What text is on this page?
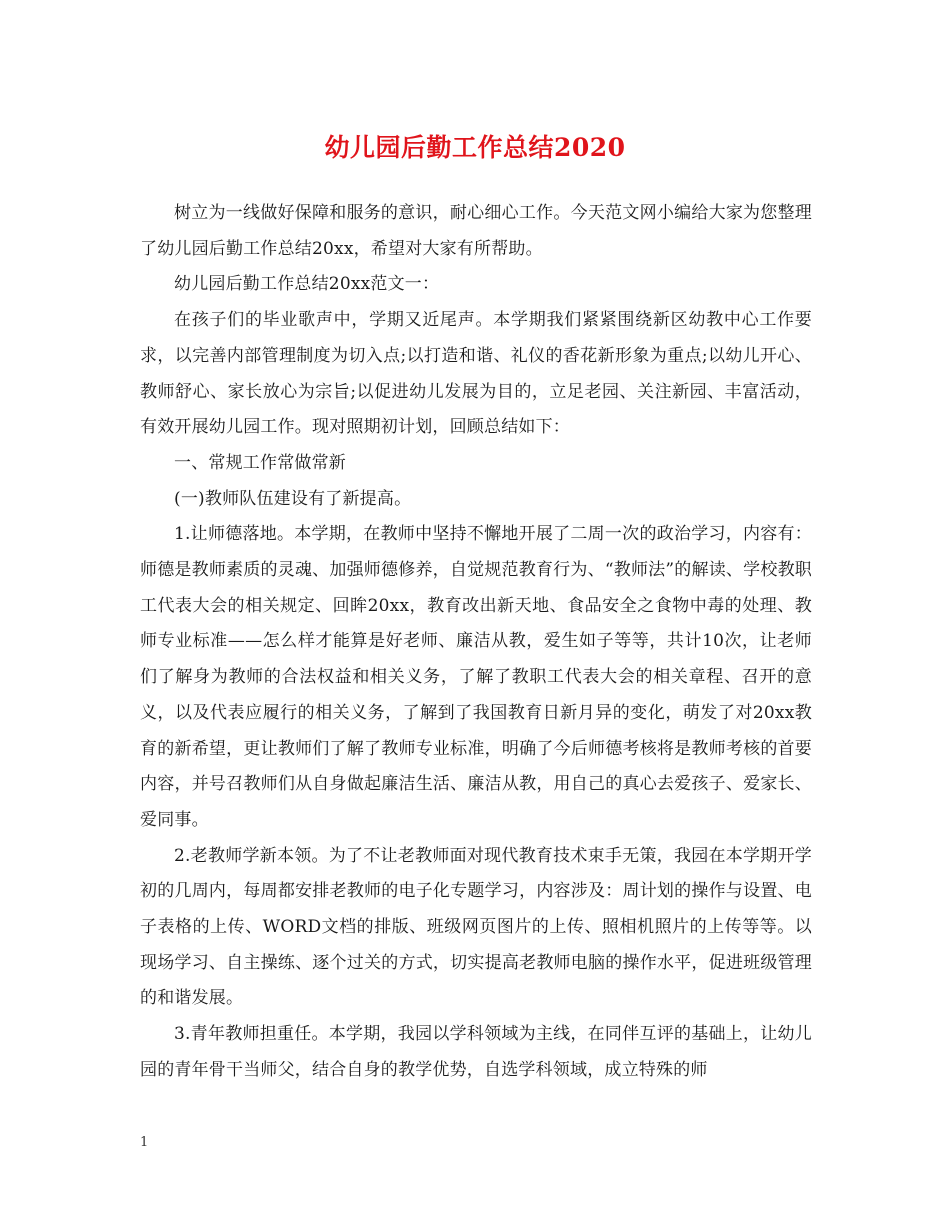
幼儿园后勤工作总结2020

树立为一线做好保障和服务的意识，耐心细心工作。今天范文网小编给大家为您整理了幼儿园后勤工作总结20xx，希望对大家有所帮助。

幼儿园后勤工作总结20xx范文一：

在孩子们的毕业歌声中，学期又近尾声。本学期我们紧紧围绕新区幼教中心工作要求，以完善内部管理制度为切入点;以打造和谐、礼仪的香花新形象为重点;以幼儿开心、教师舒心、家长放心为宗旨;以促进幼儿发展为目的，立足老园、关注新园、丰富活动，有效开展幼儿园工作。现对照期初计划，回顾总结如下：

一、常规工作常做常新

(一)教师队伍建设有了新提高。

1.让师德落地。本学期，在教师中坚持不懈地开展了二周一次的政治学习，内容有：师德是教师素质的灵魂、加强师德修养，自觉规范教育行为、“教师法”的解读、学校教职工代表大会的相关规定、回眸20xx，教育改出新天地、食品安全之食物中毒的处理、教师专业标准——怎么样才能算是好老师、廉洁从教，爱生如子等等，共计10次，让老师们了解身为教师的合法权益和相关义务，了解了教职工代表大会的相关章程、召开的意义，以及代表应履行的相关义务，了解到了我国教育日新月异的变化，萌发了对20xx教育的新希望，更让教师们了解了教师专业标准，明确了今后师德考核将是教师考核的首要内容，并号召教师们从自身做起廉洁生活、廉洁从教，用自己的真心去爱孩子、爱家长、爱同事。

2.老教师学新本领。为了不让老教师面对现代教育技术束手无策，我园在本学期开学初的几周内，每周都安排老教师的电子化专题学习，内容涉及：周计划的操作与设置、电子表格的上传、WORD文档的排版、班级网页图片的上传、照相机照片的上传等等。以现场学习、自主操练、逐个过关的方式，切实提高老教师电脑的操作水平，促进班级管理的和谐发展。

3.青年教师担重任。本学期，我园以学科领域为主线，在同伴互评的基础上，让幼儿园的青年骨干当师父，结合自身的教学优势，自选学科领域，成立特殊的师

1
